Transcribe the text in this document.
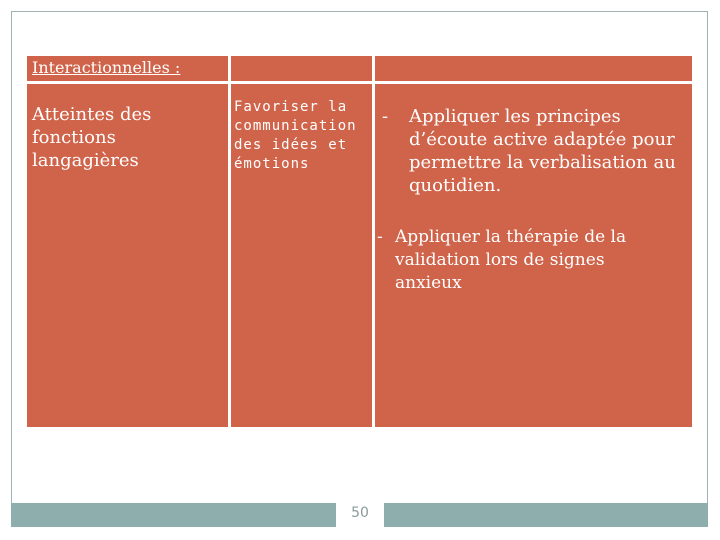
Interactionnelles :
Atteintes des fonctions langagières
Favoriser la communication des idées et émotions
- Appliquer les principes d’écoute active adaptée pour permettre la verbalisation au quotidien.
- Appliquer la thérapie de la validation lors de signes anxieux
50
